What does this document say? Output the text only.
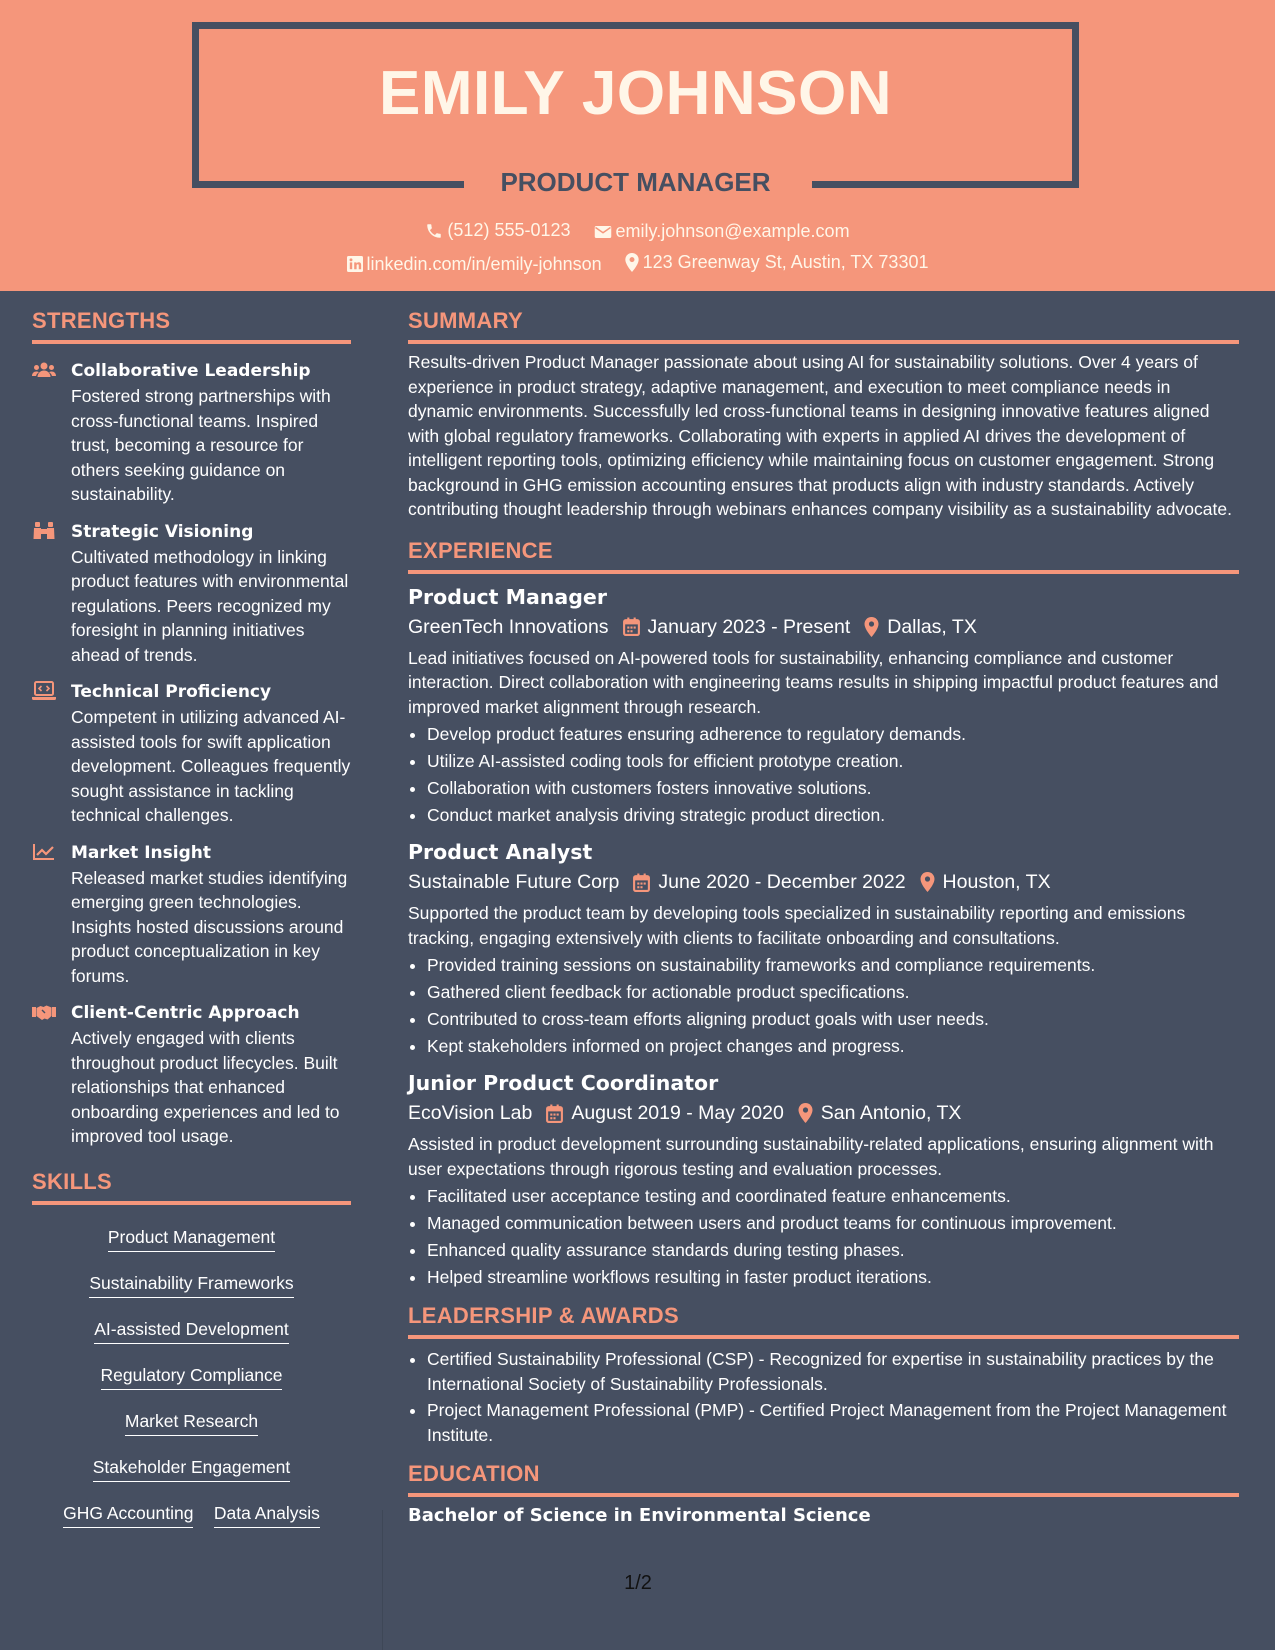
EMILY JOHNSON
PRODUCT MANAGER
(512) 555-0123
	emily.johnson@example.com
linkedin.com/in/emily-johnson
123 Greenway St, Austin, TX 73301
STRENGTHS
Collaborative Leadership
Fostered strong partnerships with cross-functional teams. Inspired trust, becoming a resource for others seeking guidance on sustainability.
Strategic Visioning
Cultivated methodology in linking product features with environmental regulations. Peers recognized my foresight in planning initiatives ahead of trends.
Technical Proficiency
Competent in utilizing advanced AI-assisted tools for swift application development. Colleagues frequently sought assistance in tackling technical challenges.
Market Insight
Released market studies identifying emerging green technologies. Insights hosted discussions around product conceptualization in key forums.
Client-Centric Approach
Actively engaged with clients throughout product lifecycles. Built relationships that enhanced onboarding experiences and led to improved tool usage.
SKILLS
Product Management
Sustainability Frameworks
AI-assisted Development
Regulatory Compliance
Market Research
Stakeholder Engagement
GHG Accounting Data Analysis
SUMMARY
Results-driven Product Manager passionate about using AI for sustainability solutions. Over 4 years of experience in product strategy, adaptive management, and execution to meet compliance needs in dynamic environments. Successfully led cross-functional teams in designing innovative features aligned with global regulatory frameworks. Collaborating with experts in applied AI drives the development of intelligent reporting tools, optimizing efficiency while maintaining focus on customer engagement. Strong background in GHG emission accounting ensures that products align with industry standards. Actively contributing thought leadership through webinars enhances company visibility as a sustainability advocate.
EXPERIENCE
Product Manager
GreenTech Innovations January 2023 - Present Dallas, TX
Lead initiatives focused on AI-powered tools for sustainability, enhancing compliance and customer interaction. Direct collaboration with engineering teams results in shipping impactful product features and improved market alignment through research.
• Develop product features ensuring adherence to regulatory demands.
• Utilize AI-assisted coding tools for efficient prototype creation.
• Collaboration with customers fosters innovative solutions.
• Conduct market analysis driving strategic product direction.
Product Analyst
Sustainable Future Corp June 2020 - December 2022 Houston, TX
Supported the product team by developing tools specialized in sustainability reporting and emissions tracking, engaging extensively with clients to facilitate onboarding and consultations.
• Provided training sessions on sustainability frameworks and compliance requirements.
• Gathered client feedback for actionable product specifications.
• Contributed to cross-team efforts aligning product goals with user needs.
• Kept stakeholders informed on project changes and progress.
Junior Product Coordinator
EcoVision Lab August 2019 - May 2020 San Antonio, TX
Assisted in product development surrounding sustainability-related applications, ensuring alignment with user expectations through rigorous testing and evaluation processes.
• Facilitated user acceptance testing and coordinated feature enhancements.
• Managed communication between users and product teams for continuous improvement.
• Enhanced quality assurance standards during testing phases.
• Helped streamline workflows resulting in faster product iterations.
LEADERSHIP & AWARDS
• Certified Sustainability Professional (CSP) - Recognized for expertise in sustainability practices by the International Society of Sustainability Professionals.
• Project Management Professional (PMP) - Certified Project Management from the Project Management Institute.
EDUCATION
Bachelor of Science in Environmental Science
1/2
